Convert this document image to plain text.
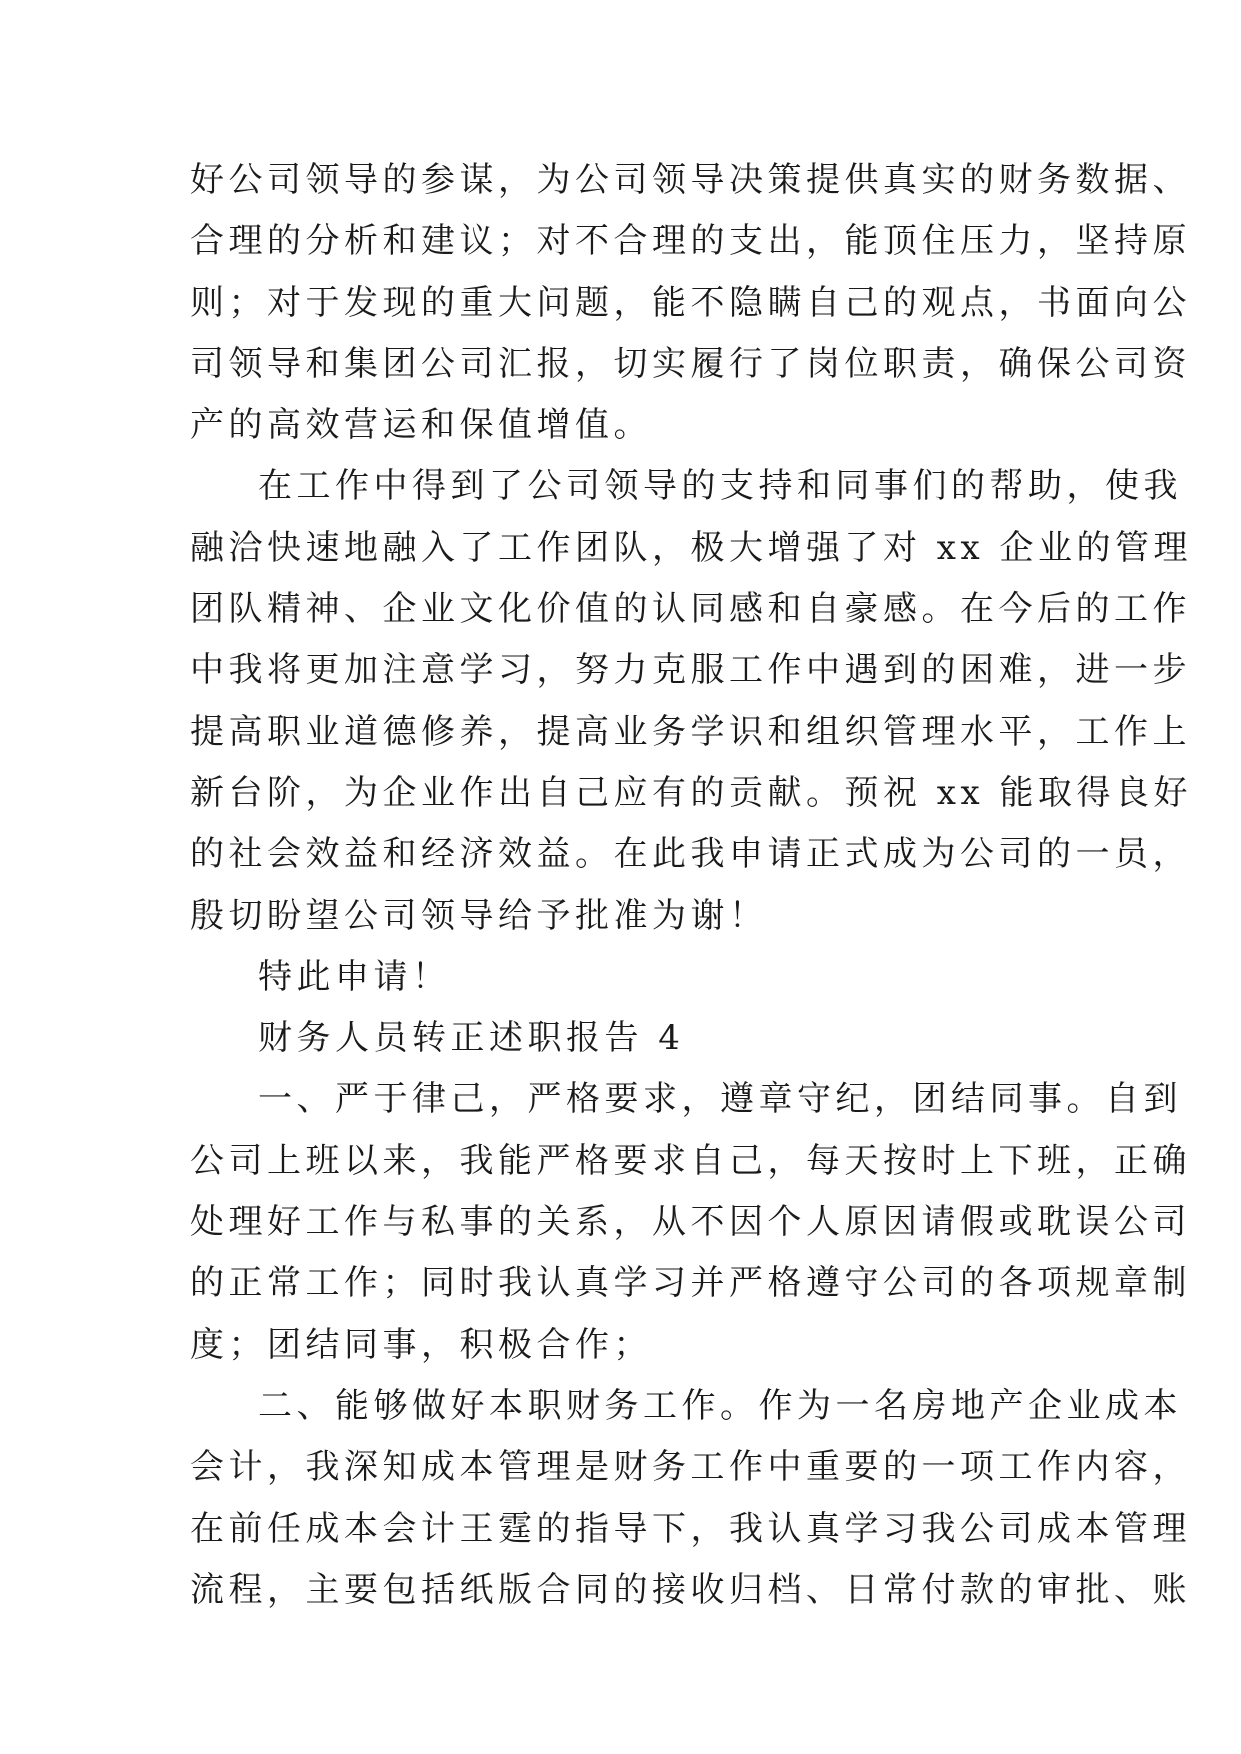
好公司领导的参谋，为公司领导决策提供真实的财务数据、
合理的分析和建议；对不合理的支出，能顶住压力，坚持原
则；对于发现的重大问题，能不隐瞒自己的观点，书面向公
司领导和集团公司汇报，切实履行了岗位职责，确保公司资
产的高效营运和保值增值。
在工作中得到了公司领导的支持和同事们的帮助，使我
融洽快速地融入了工作团队，极大增强了对 xx 企业的管理
团队精神、企业文化价值的认同感和自豪感。在今后的工作
中我将更加注意学习，努力克服工作中遇到的困难，进一步
提高职业道德修养，提高业务学识和组织管理水平，工作上
新台阶，为企业作出自己应有的贡献。预祝 xx 能取得良好
的社会效益和经济效益。在此我申请正式成为公司的一员，
殷切盼望公司领导给予批准为谢！
特此申请！
财务人员转正述职报告 4
一、严于律己，严格要求，遵章守纪，团结同事。自到
公司上班以来，我能严格要求自己，每天按时上下班，正确
处理好工作与私事的关系，从不因个人原因请假或耽误公司
的正常工作；同时我认真学习并严格遵守公司的各项规章制
度；团结同事，积极合作；
二、能够做好本职财务工作。作为一名房地产企业成本
会计，我深知成本管理是财务工作中重要的一项工作内容，
在前任成本会计王霆的指导下，我认真学习我公司成本管理
流程，主要包括纸版合同的接收归档、日常付款的审批、账
